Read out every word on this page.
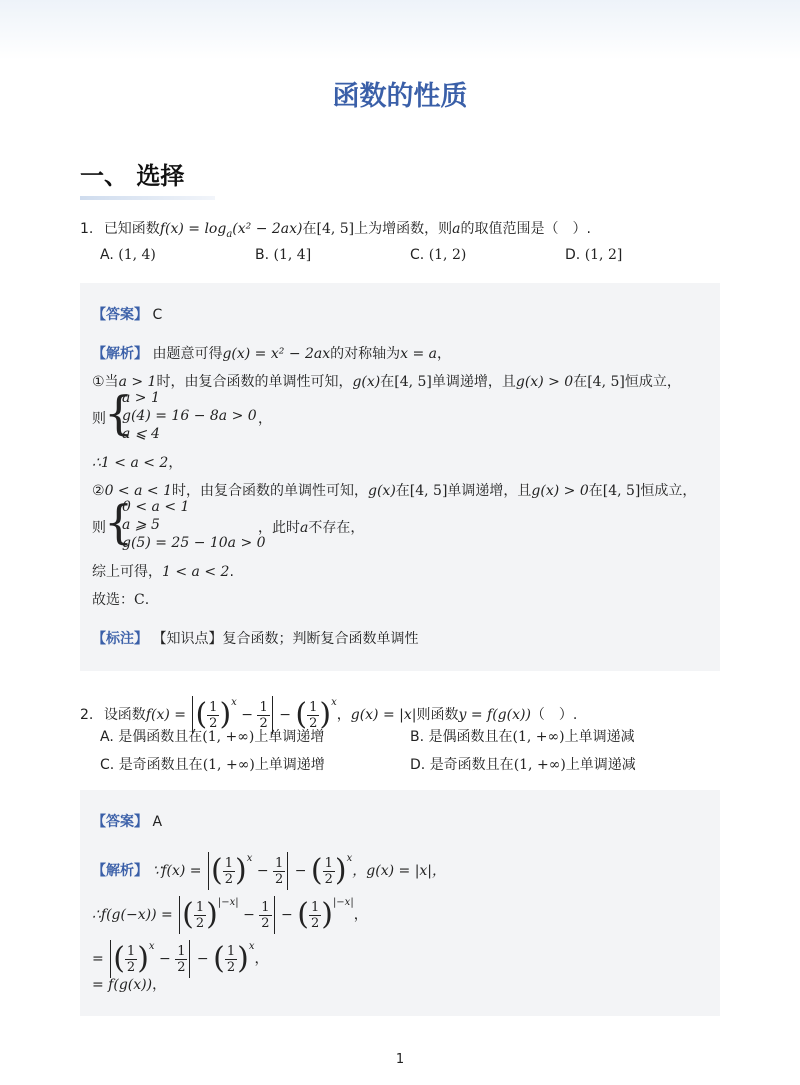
函数的性质
一、 选择
1. 已知函数$f(x) = \log_a(x^2 - 2ax)$在[4, 5]上为增函数，则a的取值范围是（　）.
A. (1, 4)	B. (1, 4]	C. (1, 2)	D. (1, 2]
【答案】 C
【解析】 由题意可得g(x) = x² − 2ax的对称轴为x = a，
①当a > 1时，由复合函数的单调性可知，g(x)在[4, 5]单调递增，且g(x) > 0在[4, 5]恒成立，
则
{
a > 1
g(4) = 16 − 8a > 0
a ⩽ 4
，
∴1 < a < 2，
②0 < a < 1时，由复合函数的单调性可知，g(x)在[4, 5]单调递增，且g(x) > 0在[4, 5]恒成立，
则
{
0 < a < 1
a ⩾ 5
g(5) = 25 − 10a > 0
，此时a不存在，
综上可得，1 < a < 2.
故选：C.
【标注】 【知识点】复合函数；判断复合函数单调性
2. 设函数f(x) = ( $\frac{1}{2} )^x - \frac{1}{2}$ − ( $\frac{1}{2} )^x$，g(x) = |x|则函数y = f(g(x))（　）.
A. 是偶函数且在(1, +∞)上单调递增	B. 是偶函数且在(1, +∞)上单调递减
C. 是奇函数且在(1, +∞)上单调递增	D. 是奇函数且在(1, +∞)上单调递减
【答案】 A
【解析】 ∵f(x) = ( $\frac{1}{2} )^x - \frac{1}{2}$ − ( $\frac{1}{2} )^x$，g(x) = |x|，
∴f(g(−x)) = ( $\frac{1}{2} )^{|-x|} - \frac{1}{2}$ − ( $\frac{1}{2} )^{|-x|}$，
= ( $\frac{1}{2} )^x - \frac{1}{2}$ − ( $\frac{1}{2} )^x$，
= f(g(x))，
1
